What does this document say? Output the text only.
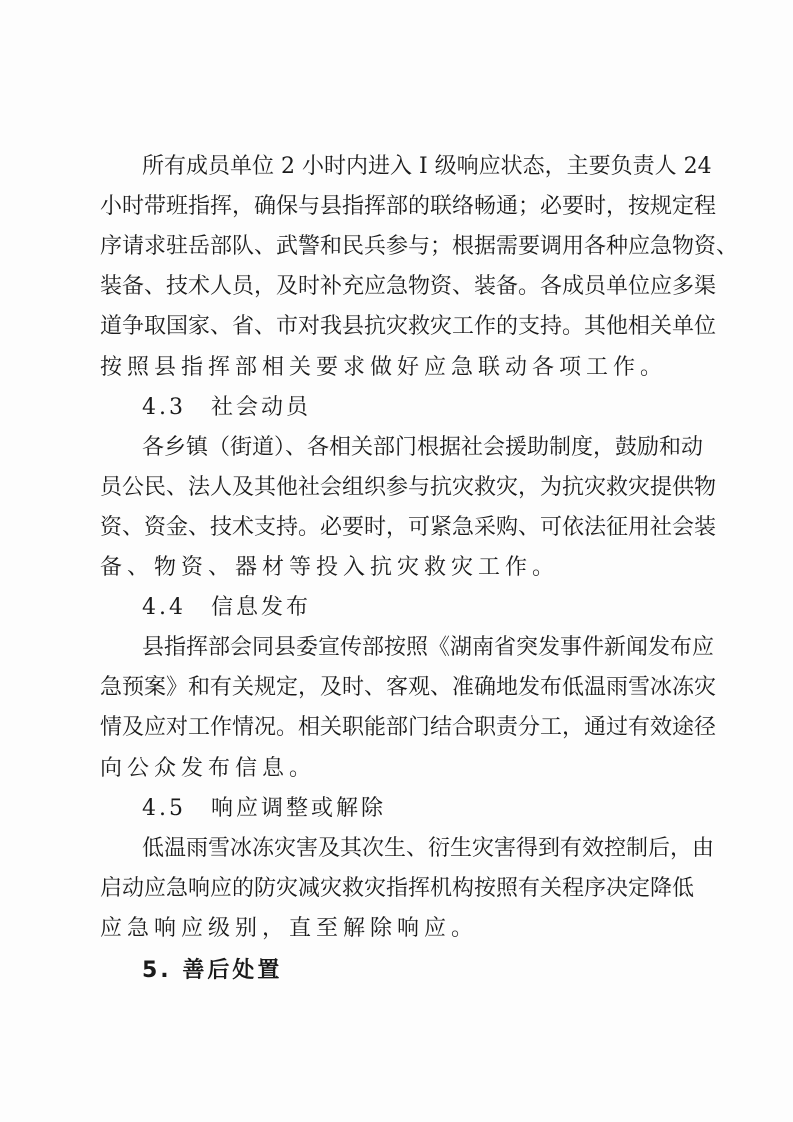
所有成员单位 2 小时内进入 I 级响应状态，主要负责人 24
小时带班指挥，确保与县指挥部的联络畅通；必要时，按规定程
序请求驻岳部队、武警和民兵参与；根据需要调用各种应急物资、
装备、技术人员，及时补充应急物资、装备。各成员单位应多渠
道争取国家、省、市对我县抗灾救灾工作的支持。其他相关单位
按照县指挥部相关要求做好应急联动各项工作。
4.3　社会动员
各乡镇（街道）、各相关部门根据社会援助制度，鼓励和动
员公民、法人及其他社会组织参与抗灾救灾，为抗灾救灾提供物
资、资金、技术支持。必要时，可紧急采购、可依法征用社会装
备、物资、器材等投入抗灾救灾工作。
4.4　信息发布
县指挥部会同县委宣传部按照《湖南省突发事件新闻发布应
急预案》和有关规定，及时、客观、准确地发布低温雨雪冰冻灾
情及应对工作情况。相关职能部门结合职责分工，通过有效途径
向公众发布信息。
4.5　响应调整或解除
低温雨雪冰冻灾害及其次生、衍生灾害得到有效控制后，由
启动应急响应的防灾减灾救灾指挥机构按照有关程序决定降低
应急响应级别，直至解除响应。
5. 善后处置
